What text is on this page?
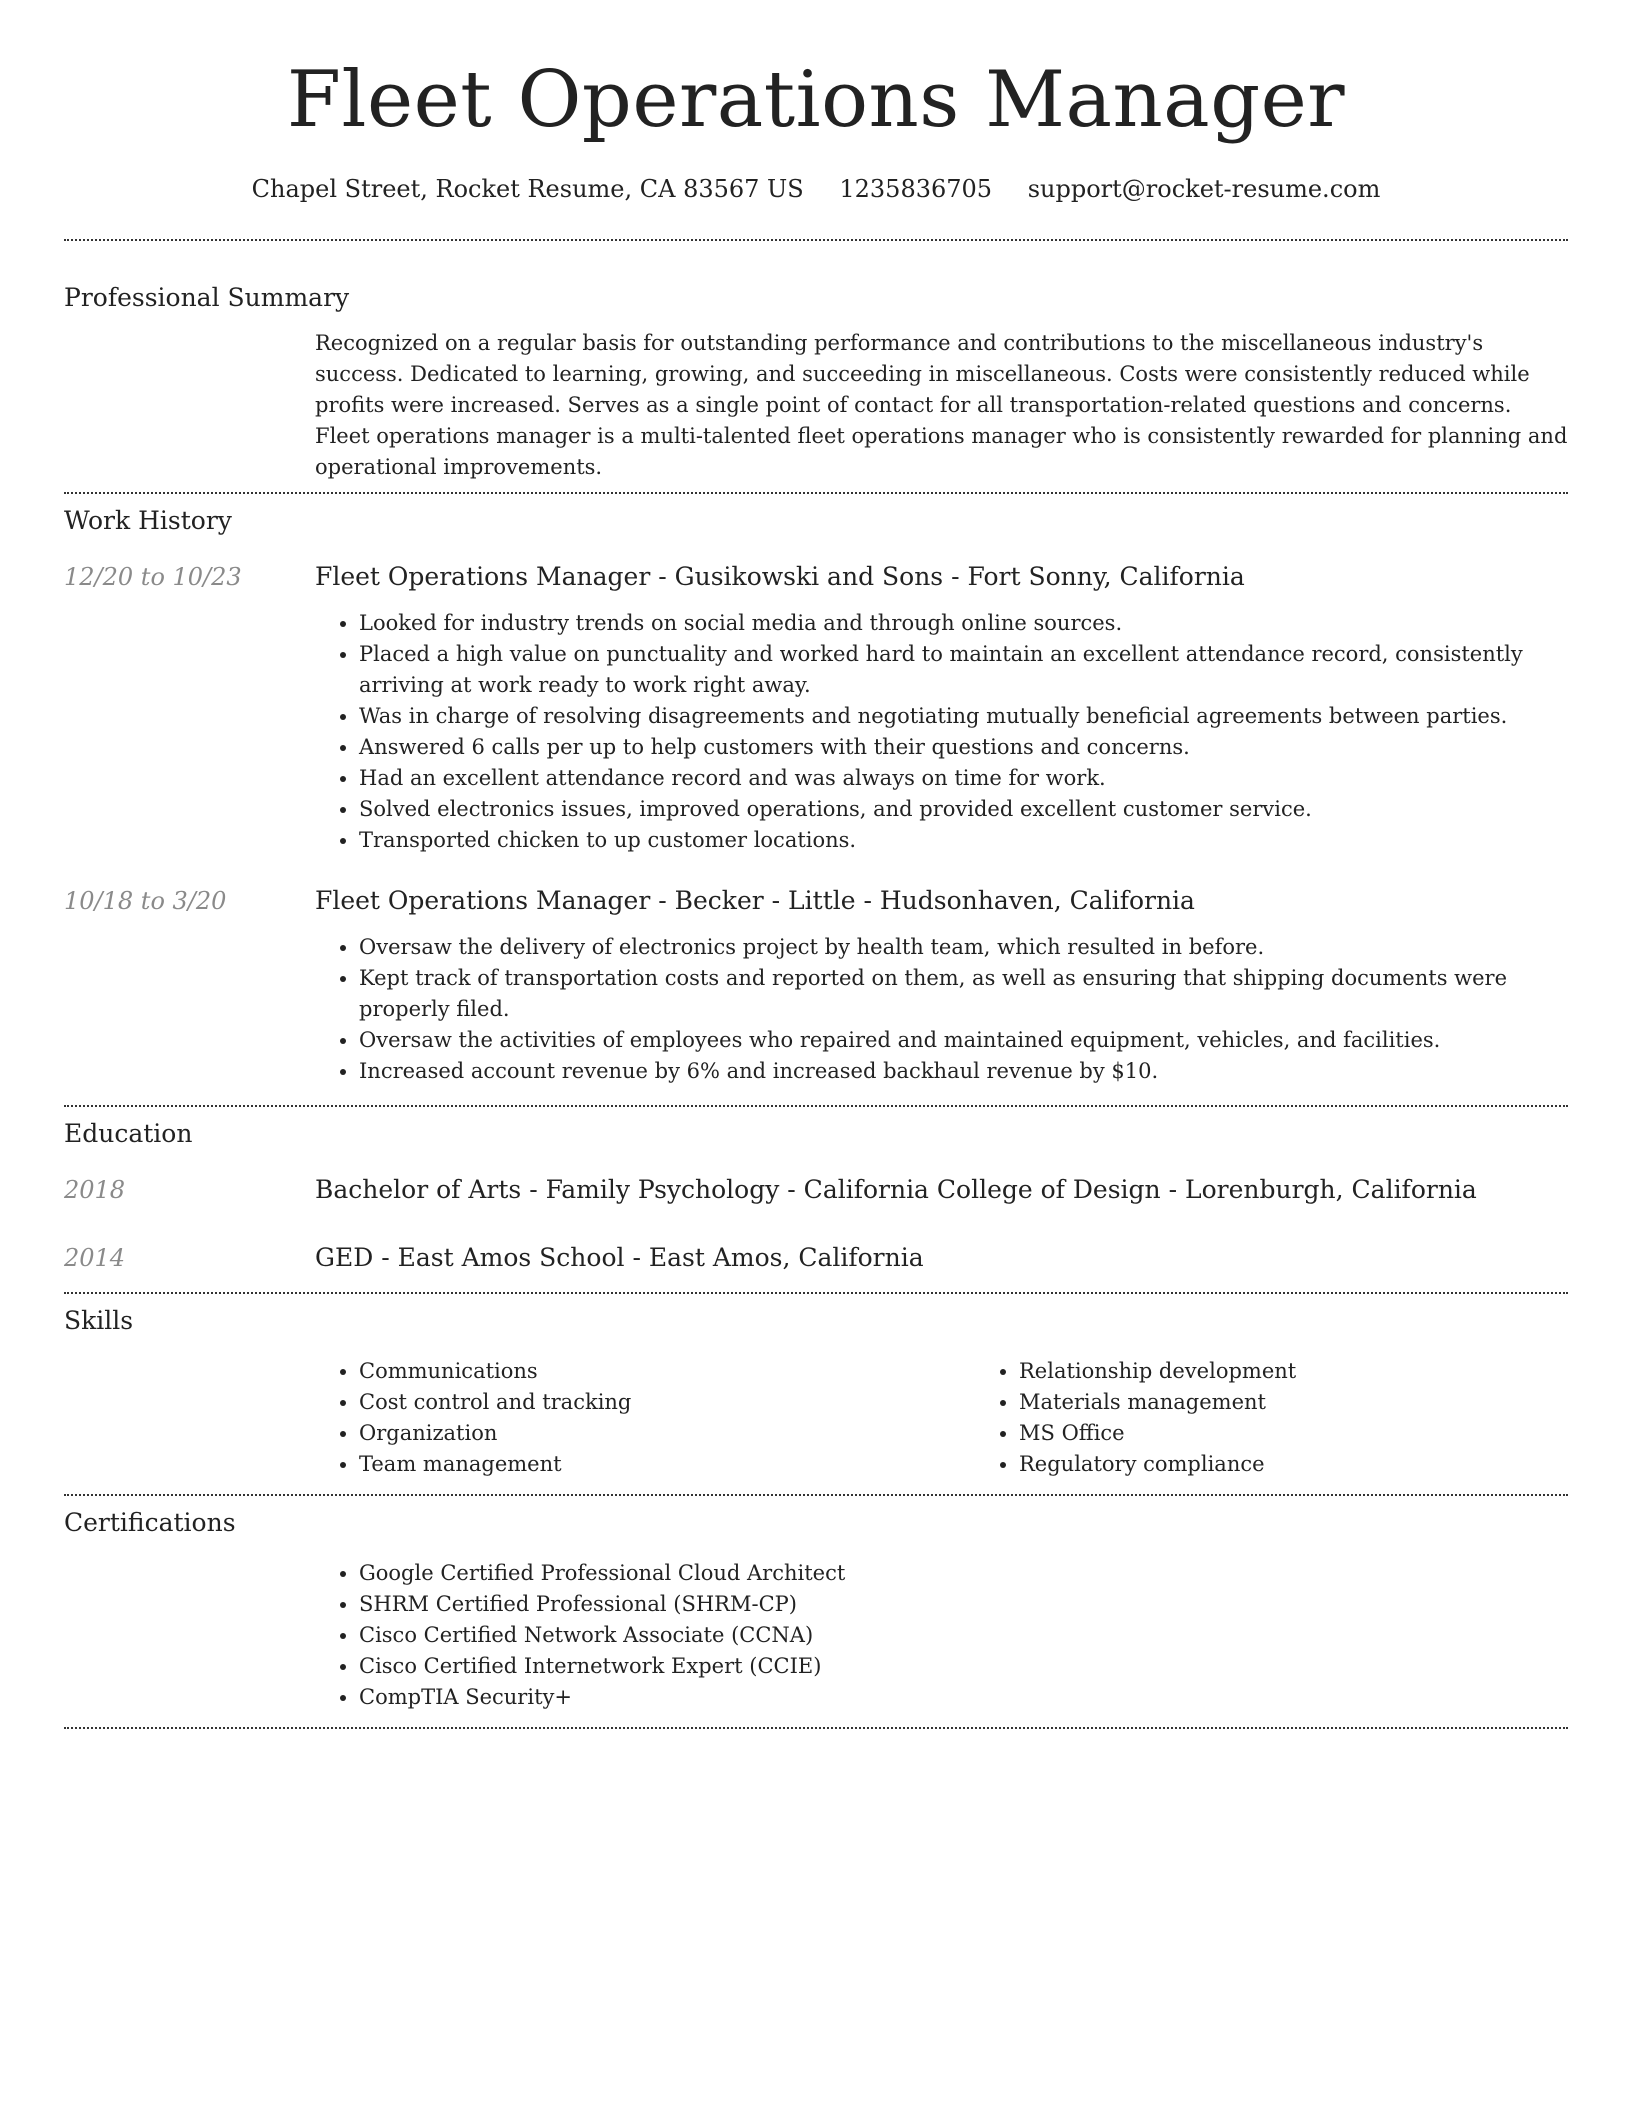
Fleet Operations Manager
Chapel Street, Rocket Resume, CA 83567 US 1235836705 support@rocket-resume.com
Professional Summary

Recognized on a regular basis for outstanding performance and contributions to the miscellaneous industry's success. Dedicated to learning, growing, and succeeding in miscellaneous. Costs were consistently reduced while profits were increased. Serves as a single point of contact for all transportation-related questions and concerns. Fleet operations manager is a multi-talented fleet operations manager who is consistently rewarded for planning and operational improvements.

Work History
12/20 to 10/23	Fleet Operations Manager - Gusikowski and Sons - Fort Sonny, California
• Looked for industry trends on social media and through online sources.
• Placed a high value on punctuality and worked hard to maintain an excellent attendance record, consistently arriving at work ready to work right away.
• Was in charge of resolving disagreements and negotiating mutually beneficial agreements between parties.
• Answered 6 calls per up to help customers with their questions and concerns.
• Had an excellent attendance record and was always on time for work.
• Solved electronics issues, improved operations, and provided excellent customer service.
• Transported chicken to up customer locations.
10/18 to 3/20	Fleet Operations Manager - Becker - Little - Hudsonhaven, California
• Oversaw the delivery of electronics project by health team, which resulted in before.
• Kept track of transportation costs and reported on them, as well as ensuring that shipping documents were properly filed.
• Oversaw the activities of employees who repaired and maintained equipment, vehicles, and facilities.
• Increased account revenue by 6% and increased backhaul revenue by $10.
Education
2018	Bachelor of Arts - Family Psychology - California College of Design - Lorenburgh, California
2014	GED - East Amos School - East Amos, California
Skills
• Communications
• Cost control and tracking
• Organization
• Team management
• Relationship development
• Materials management
• MS Office
• Regulatory compliance
Certifications
• Google Certified Professional Cloud Architect
• SHRM Certified Professional (SHRM-CP)
• Cisco Certified Network Associate (CCNA)
• Cisco Certified Internetwork Expert (CCIE)
• CompTIA Security+
